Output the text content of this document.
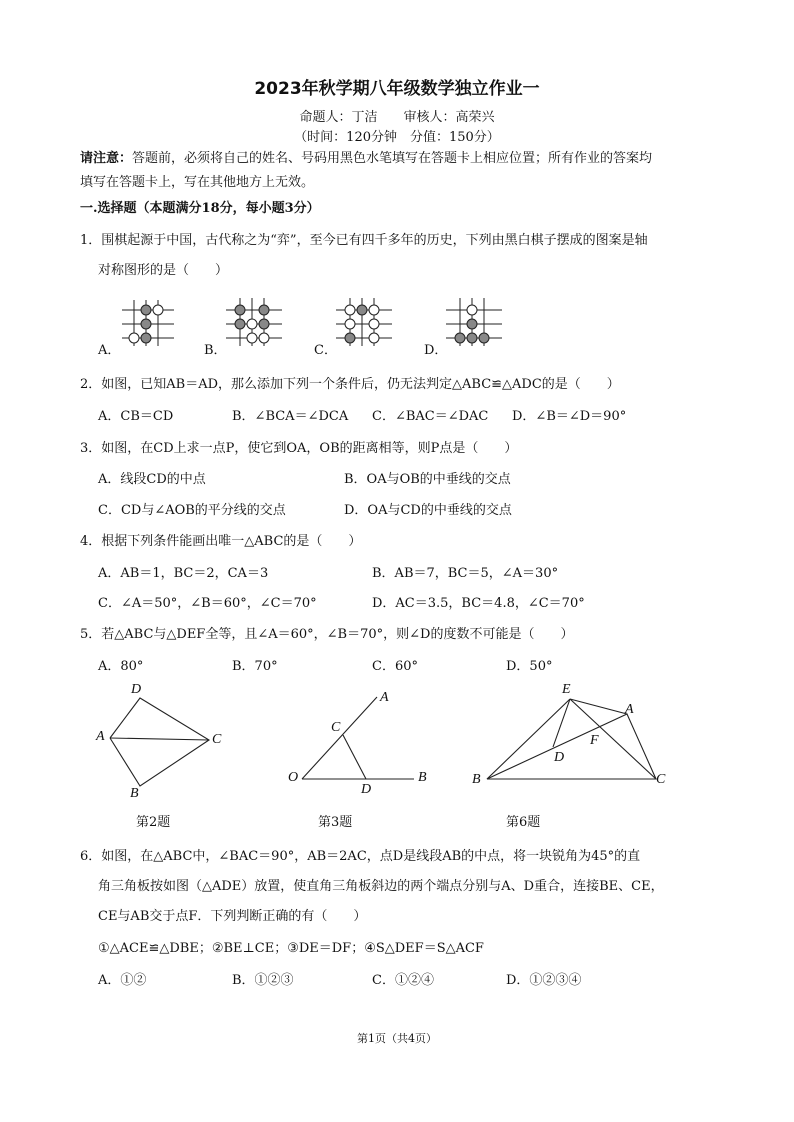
2023年秋学期八年级数学独立作业一
命题人：丁洁　　审核人：高荣兴
（时间：120分钟　分值：150分）
请注意：答题前，必须将自己的姓名、号码用黑色水笔填写在答题卡上相应位置；所有作业的答案均
填写在答题卡上，写在其他地方上无效。
一.选择题（本题满分18分，每小题3分）
1．围棋起源于中国，古代称之为“弈”，至今已有四千多年的历史，下列由黑白棋子摆成的图案是轴
对称图形的是（　　）
A．	B．	C．	D．
2．如图，已知AB＝AD，那么添加下列一个条件后，仍无法判定△ABC≌△ADC的是（　　）
A．CB＝CD	B．∠BCA＝∠DCA C．∠BAC＝∠DAC D．∠B＝∠D＝90°
3．如图，在CD上求一点P，使它到OA，OB的距离相等，则P点是（　　）
A．线段CD的中点	B．OA与OB的中垂线的交点
C．CD与∠AOB的平分线的交点	D．OA与CD的中垂线的交点
4．根据下列条件能画出唯一△ABC的是（　　）
A．AB＝1，BC＝2，CA＝3	B．AB＝7，BC＝5，∠A＝30°
C．∠A＝50°，∠B＝60°，∠C＝70°	D．AC＝3.5，BC＝4.8，∠C＝70°
5．若△ABC与△DEF全等，且∠A＝60°，∠B＝70°，则∠D的度数不可能是（　　）
A．80°	B．70°	C．60°	D．50°
D
A	C
B
A
C
O
D
B
E
A
F
D
B	C
第2题	第3题	第6题
6．如图，在△ABC中，∠BAC＝90°，AB＝2AC，点D是线段AB的中点，将一块锐角为45°的直
角三角板按如图（△ADE）放置，使直角三角板斜边的两个端点分别与A、D重合，连接BE、CE，
CE与AB交于点F．下列判断正确的有（　　）
①△ACE≌△DBE；②BE⊥CE；③DE＝DF；④S△DEF＝S△ACF
A．①②	B．①②③	C．①②④	D．①②③④
第1页（共4页）
